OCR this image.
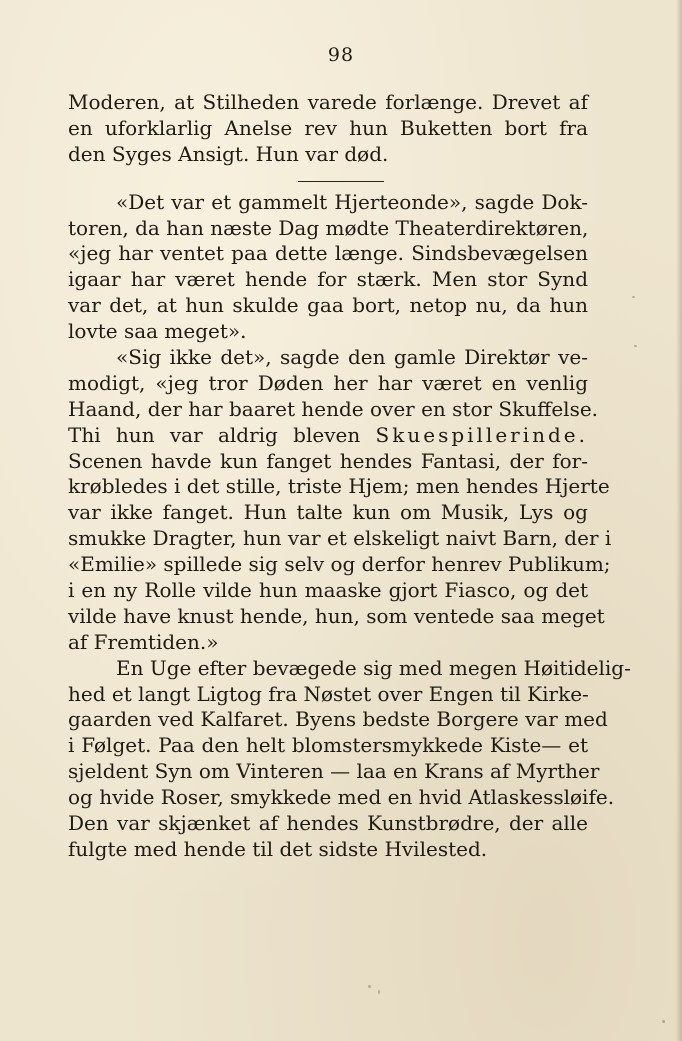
98
Moderen, at Stilheden varede forlænge. Drevet af
en uforklarlig Anelse rev hun Buketten bort fra
den Syges Ansigt. Hun var død.
«Det var et gammelt Hjerteonde», sagde Dok-
toren, da han næste Dag mødte Theaterdirektøren,
«jeg har ventet paa dette længe. Sindsbevægelsen
igaar har været hende for stærk. Men stor Synd
var det, at hun skulde gaa bort, netop nu, da hun
lovte saa meget».
«Sig ikke det», sagde den gamle Direktør ve-
modigt, «jeg tror Døden her har været en venlig
Haand, der har baaret hende over en stor Skuffelse.
Thi hun var aldrig bleven Skuespillerinde.
Scenen havde kun fanget hendes Fantasi, der for-
krøbledes i det stille, triste Hjem; men hendes Hjerte
var ikke fanget. Hun talte kun om Musik, Lys og
smukke Dragter, hun var et elskeligt naivt Barn, der i
«Emilie» spillede sig selv og derfor henrev Publikum;
i en ny Rolle vilde hun maaske gjort Fiasco, og det
vilde have knust hende, hun, som ventede saa meget
af Fremtiden.»
En Uge efter bevægede sig med megen Høitidelig-
hed et langt Ligtog fra Nøstet over Engen til Kirke-
gaarden ved Kalfaret. Byens bedste Borgere var med
i Følget. Paa den helt blomstersmykkede Kiste— et
sjeldent Syn om Vinteren — laa en Krans af Myrther
og hvide Roser, smykkede med en hvid Atlaskessløife.
Den var skjænket af hendes Kunstbrødre, der alle
fulgte med hende til det sidste Hvilested.
